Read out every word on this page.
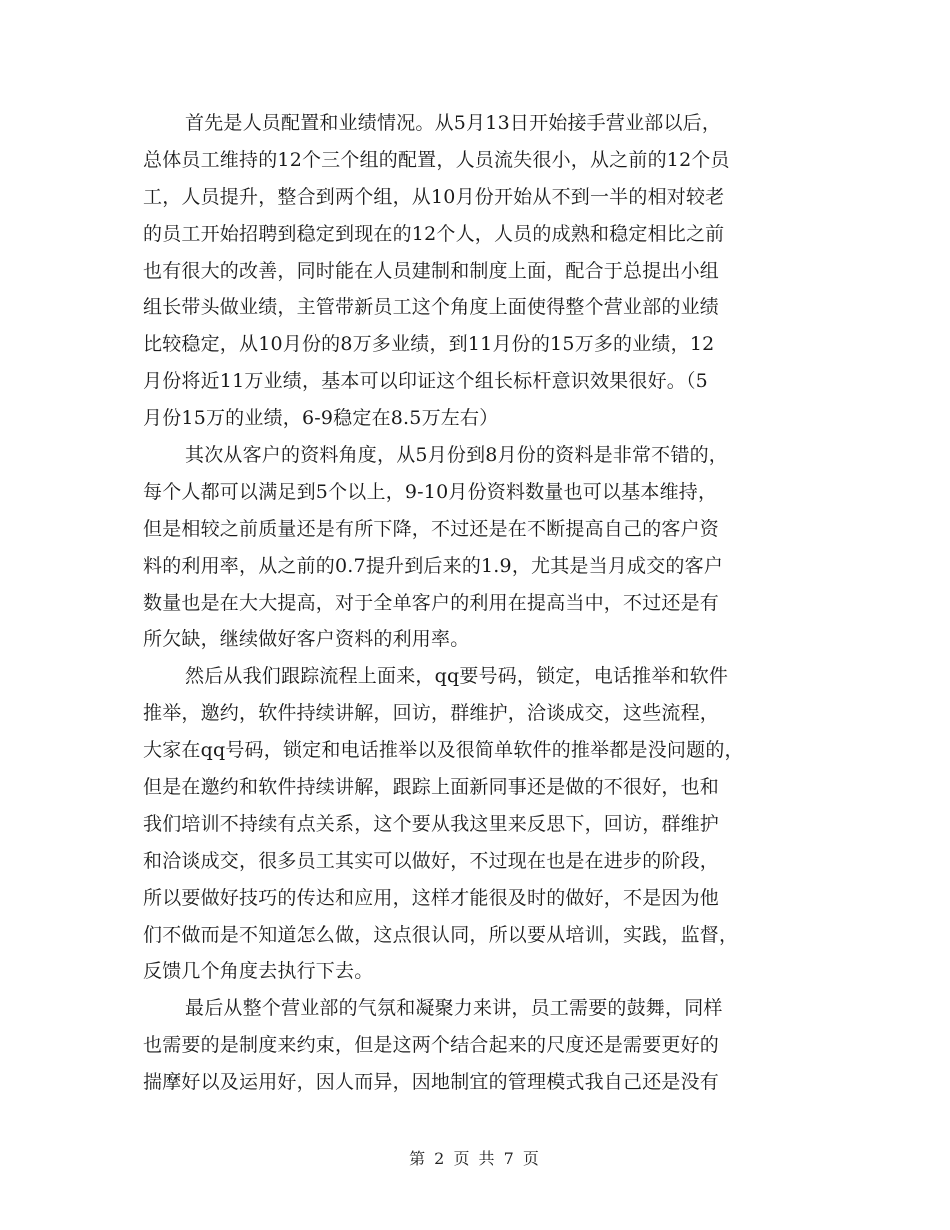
首先是人员配置和业绩情况。从5月13日开始接手营业部以后，
总体员工维持的12个三个组的配置，人员流失很小，从之前的12个员
工，人员提升，整合到两个组，从10月份开始从不到一半的相对较老
的员工开始招聘到稳定到现在的12个人，人员的成熟和稳定相比之前
也有很大的改善，同时能在人员建制和制度上面，配合于总提出小组
组长带头做业绩，主管带新员工这个角度上面使得整个营业部的业绩
比较稳定，从10月份的8万多业绩，到11月份的15万多的业绩，12
月份将近11万业绩，基本可以印证这个组长标杆意识效果很好。（5
月份15万的业绩，6-9稳定在8.5万左右）
其次从客户的资料角度，从5月份到8月份的资料是非常不错的，
每个人都可以满足到5个以上，9-10月份资料数量也可以基本维持，
但是相较之前质量还是有所下降，不过还是在不断提高自己的客户资
料的利用率，从之前的0.7提升到后来的1.9，尤其是当月成交的客户
数量也是在大大提高，对于全单客户的利用在提高当中，不过还是有
所欠缺，继续做好客户资料的利用率。
然后从我们跟踪流程上面来，qq要号码，锁定，电话推举和软件
推举，邀约，软件持续讲解，回访，群维护，洽谈成交，这些流程，
大家在qq号码，锁定和电话推举以及很简单软件的推举都是没问题的，
但是在邀约和软件持续讲解，跟踪上面新同事还是做的不很好，也和
我们培训不持续有点关系，这个要从我这里来反思下，回访，群维护
和洽谈成交，很多员工其实可以做好，不过现在也是在进步的阶段，
所以要做好技巧的传达和应用，这样才能很及时的做好，不是因为他
们不做而是不知道怎么做，这点很认同，所以要从培训，实践，监督，
反馈几个角度去执行下去。
最后从整个营业部的气氛和凝聚力来讲，员工需要的鼓舞，同样
也需要的是制度来约束，但是这两个结合起来的尺度还是需要更好的
揣摩好以及运用好，因人而异，因地制宜的管理模式我自己还是没有
第 2 页 共 7 页
